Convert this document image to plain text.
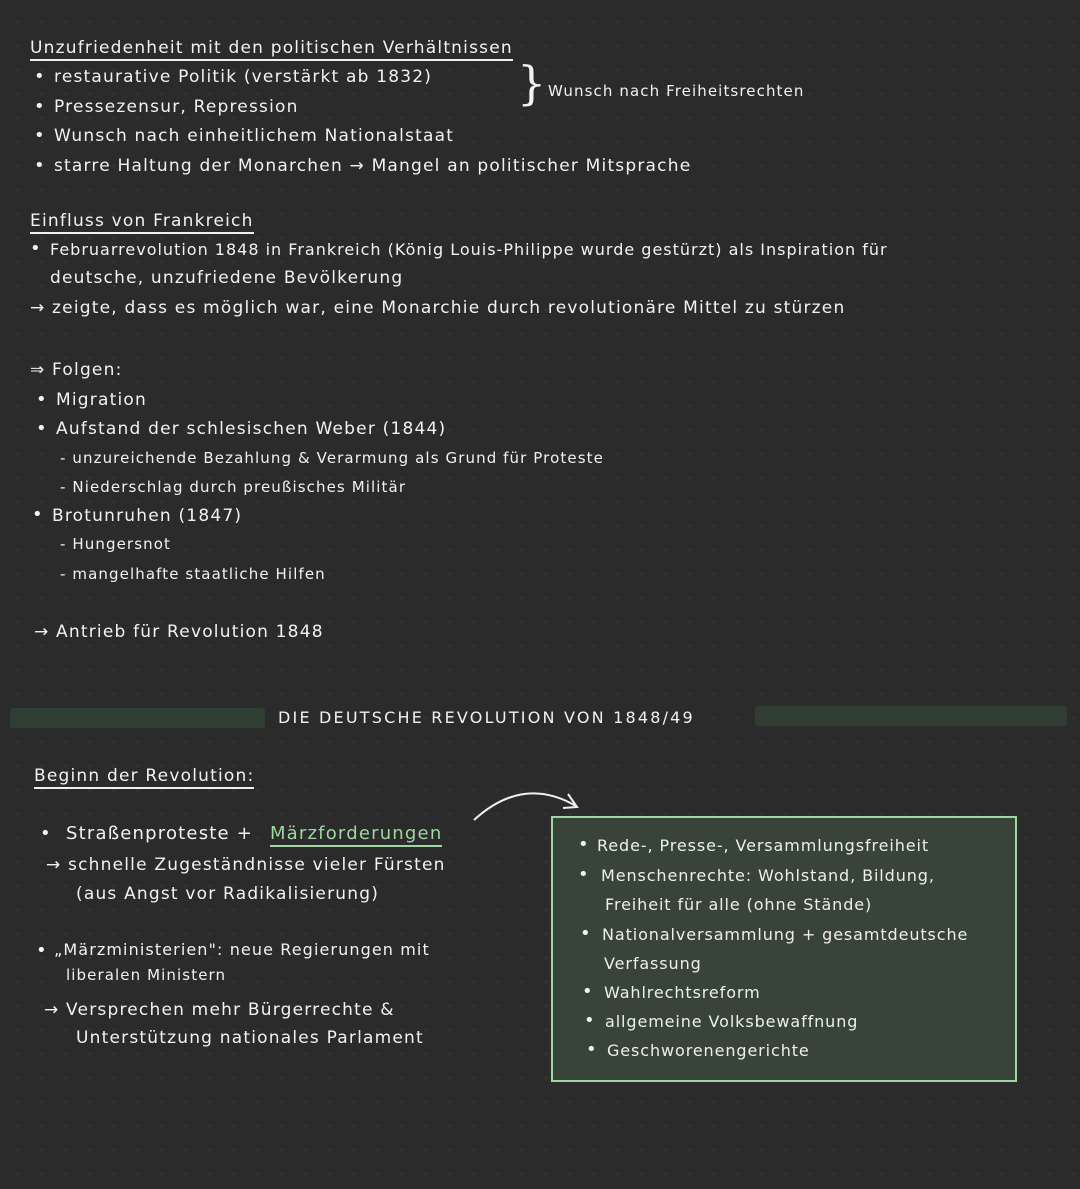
Unzufriedenheit mit den politischen Verhältnissen
• restaurative Politik (verstärkt ab 1832)
• Pressezensur, Repression
• Wunsch nach einheitlichem Nationalstaat
• starre Haltung der Monarchen → Mangel an politischer Mitsprache
} Wunsch nach Freiheitsrechten
Einfluss von Frankreich
• Februarrevolution 1848 in Frankreich (König Louis-Philippe wurde gestürzt) als Inspiration für
deutsche, unzufriedene Bevölkerung
→ zeigte, dass es möglich war, eine Monarchie durch revolutionäre Mittel zu stürzen
⇒ Folgen:
• Migration
• Aufstand der schlesischen Weber (1844)
- unzureichende Bezahlung & Verarmung als Grund für Proteste
- Niederschlag durch preußisches Militär
• Brotunruhen (1847)
- Hungersnot
- mangelhafte staatliche Hilfen
→ Antrieb für Revolution 1848
DIE DEUTSCHE REVOLUTION VON 1848/49
Beginn der Revolution:
• Straßenproteste + Märzforderungen
→ schnelle Zugeständnisse vieler Fürsten
(aus Angst vor Radikalisierung)
• „Märzministerien": neue Regierungen mit
liberalen Ministern
→ Versprechen mehr Bürgerrechte &
Unterstützung nationales Parlament
• Rede-, Presse-, Versammlungsfreiheit
• Menschenrechte: Wohlstand, Bildung,
Freiheit für alle (ohne Stände)
• Nationalversammlung + gesamtdeutsche
Verfassung
• Wahlrechtsreform
• allgemeine Volksbewaffnung
• Geschworenengerichte
